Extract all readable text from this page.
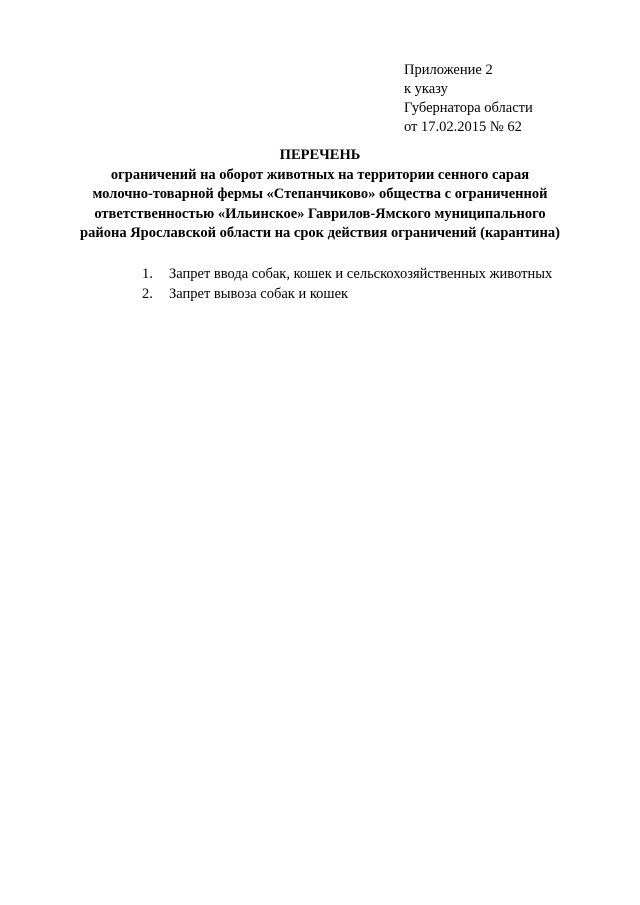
Приложение 2
к указу
Губернатора области
от 17.02.2015 № 62
ПЕРЕЧЕНЬ
ограничений на оборот животных на территории сенного сарая
молочно-товарной фермы «Степанчиково» общества с ограниченной
ответственностью «Ильинское» Гаврилов-Ямского муниципального
района Ярославской области на срок действия ограничений (карантина)
1. Запрет ввода собак, кошек и сельскохозяйственных животных
2. Запрет вывоза собак и кошек
